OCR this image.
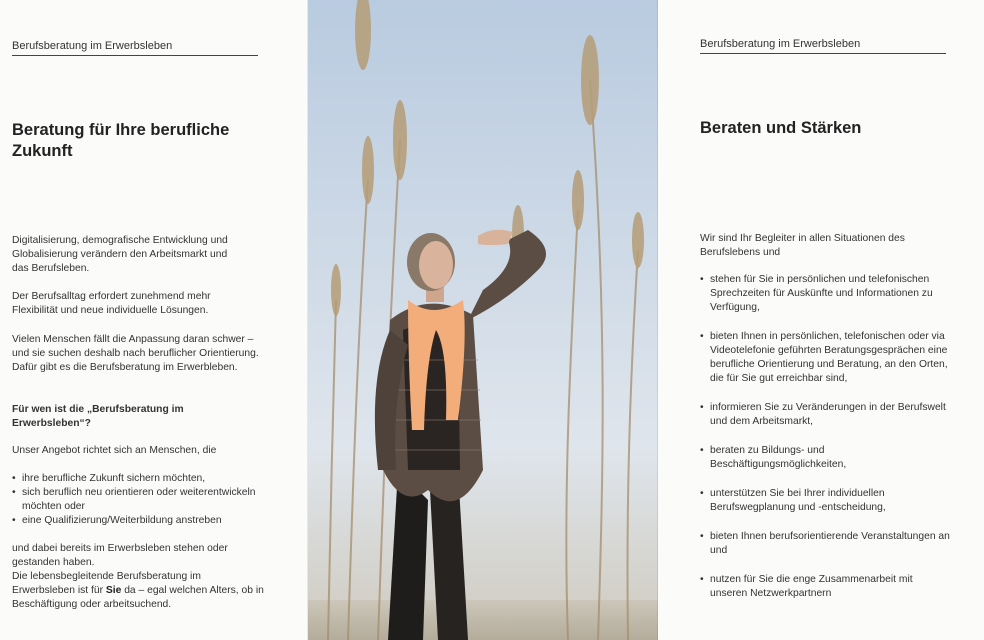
Berufsberatung im Erwerbsleben
Beratung für Ihre berufliche Zukunft

Digitalisierung, demografische Entwicklung und Globalisierung verändern den Arbeitsmarkt und das Berufsleben.

Der Berufsalltag erfordert zunehmend mehr Flexibilität und neue individuelle Lösungen.

Vielen Menschen fällt die Anpassung daran schwer – und sie suchen deshalb nach beruflicher Orientierung. Dafür gibt es die Berufsberatung im Erwerbleben.

Für wen ist die „Berufsberatung im Erwerbsleben“?

Unser Angebot richtet sich an Menschen, die

• ihre berufliche Zukunft sichern möchten,
• sich beruflich neu orientieren oder weiterentwickeln möchten oder
• eine Qualifizierung/Weiterbildung anstreben

und dabei bereits im Erwerbsleben stehen oder gestanden haben.

Die lebensbegleitende Berufsberatung im Erwerbsleben ist für Sie da – egal welchen Alters, ob in Beschäftigung oder arbeitsuchend.

Berufsberatung im Erwerbsleben
Beraten und Stärken

Wir sind Ihr Begleiter in allen Situationen des Berufslebens und

• stehen für Sie in persönlichen und telefonischen Sprechzeiten für Auskünfte und Informationen zu Verfügung,
• bieten Ihnen in persönlichen, telefonischen oder via Videotelefonie geführten Beratungsgesprächen eine berufliche Orientierung und Beratung, an den Orten, die für Sie gut erreichbar sind,
• informieren Sie zu Veränderungen in der Berufswelt und dem Arbeitsmarkt,
• beraten zu Bildungs- und Beschäftigungsmöglichkeiten,
• unterstützen Sie bei Ihrer individuellen Berufswegplanung und -entscheidung,
• bieten Ihnen berufsorientierende Veranstaltungen an und
• nutzen für Sie die enge Zusammenarbeit mit unseren Netzwerkpartnern
